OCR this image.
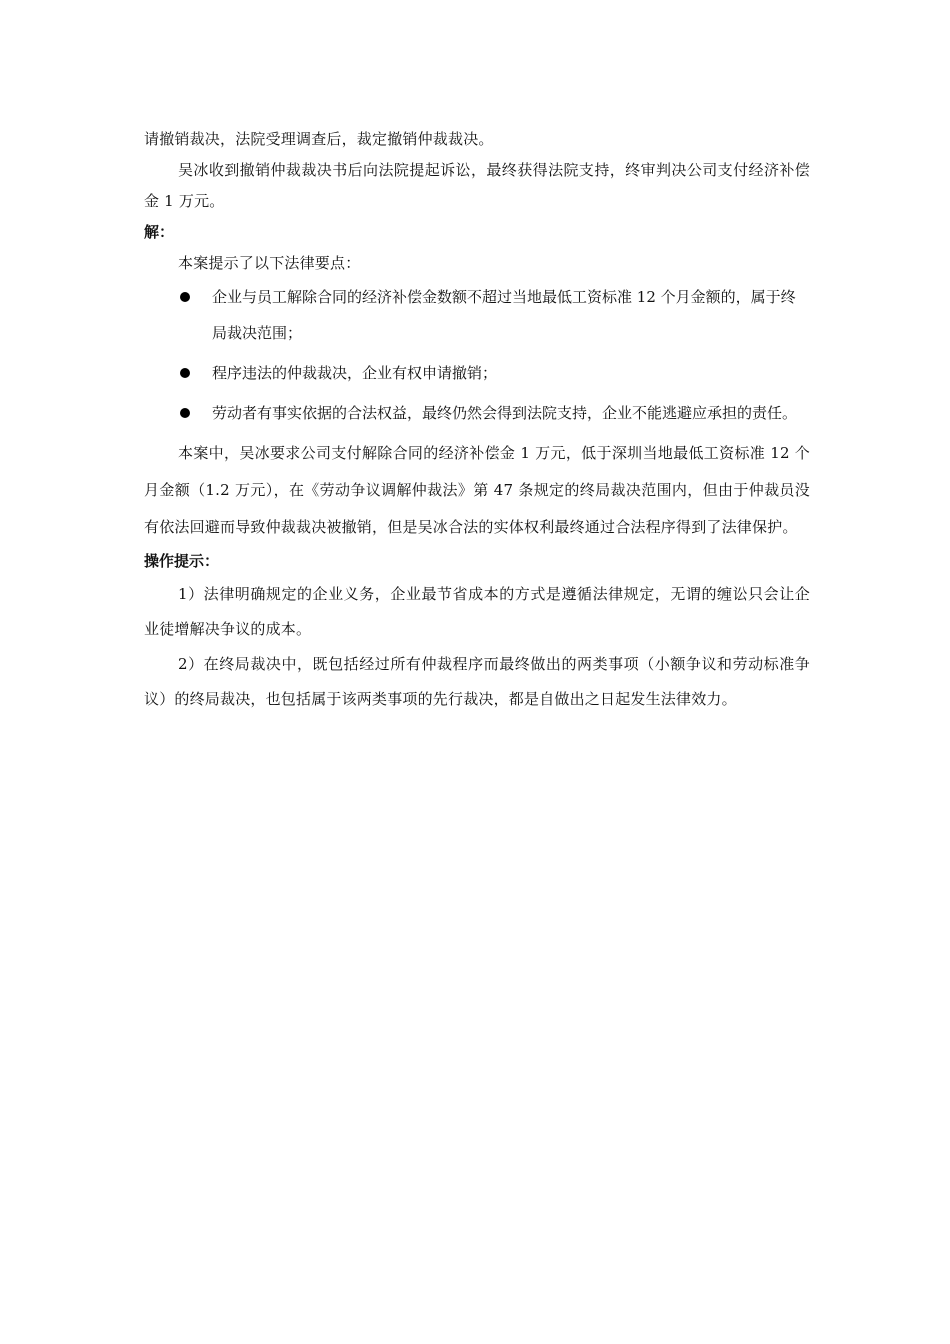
请撤销裁决，法院受理调查后，裁定撤销仲裁裁决。

吴冰收到撤销仲裁裁决书后向法院提起诉讼，最终获得法院支持，终审判决公司支付经济补偿金 1 万元。

解：

本案提示了以下法律要点：

企业与员工解除合同的经济补偿金数额不超过当地最低工资标准 12 个月金额的，属于终局裁决范围；
程序违法的仲裁裁决，企业有权申请撤销；
劳动者有事实依据的合法权益，最终仍然会得到法院支持，企业不能逃避应承担的责任。

本案中，吴冰要求公司支付解除合同的经济补偿金 1 万元，低于深圳当地最低工资标准 12 个月金额（1.2 万元），在《劳动争议调解仲裁法》第 47 条规定的终局裁决范围内，但由于仲裁员没有依法回避而导致仲裁裁决被撤销，但是吴冰合法的实体权利最终通过合法程序得到了法律保护。

操作提示：

1）法律明确规定的企业义务，企业最节省成本的方式是遵循法律规定，无谓的缠讼只会让企业徒增解决争议的成本。

2）在终局裁决中，既包括经过所有仲裁程序而最终做出的两类事项（小额争议和劳动标准争议）的终局裁决，也包括属于该两类事项的先行裁决，都是自做出之日起发生法律效力。
